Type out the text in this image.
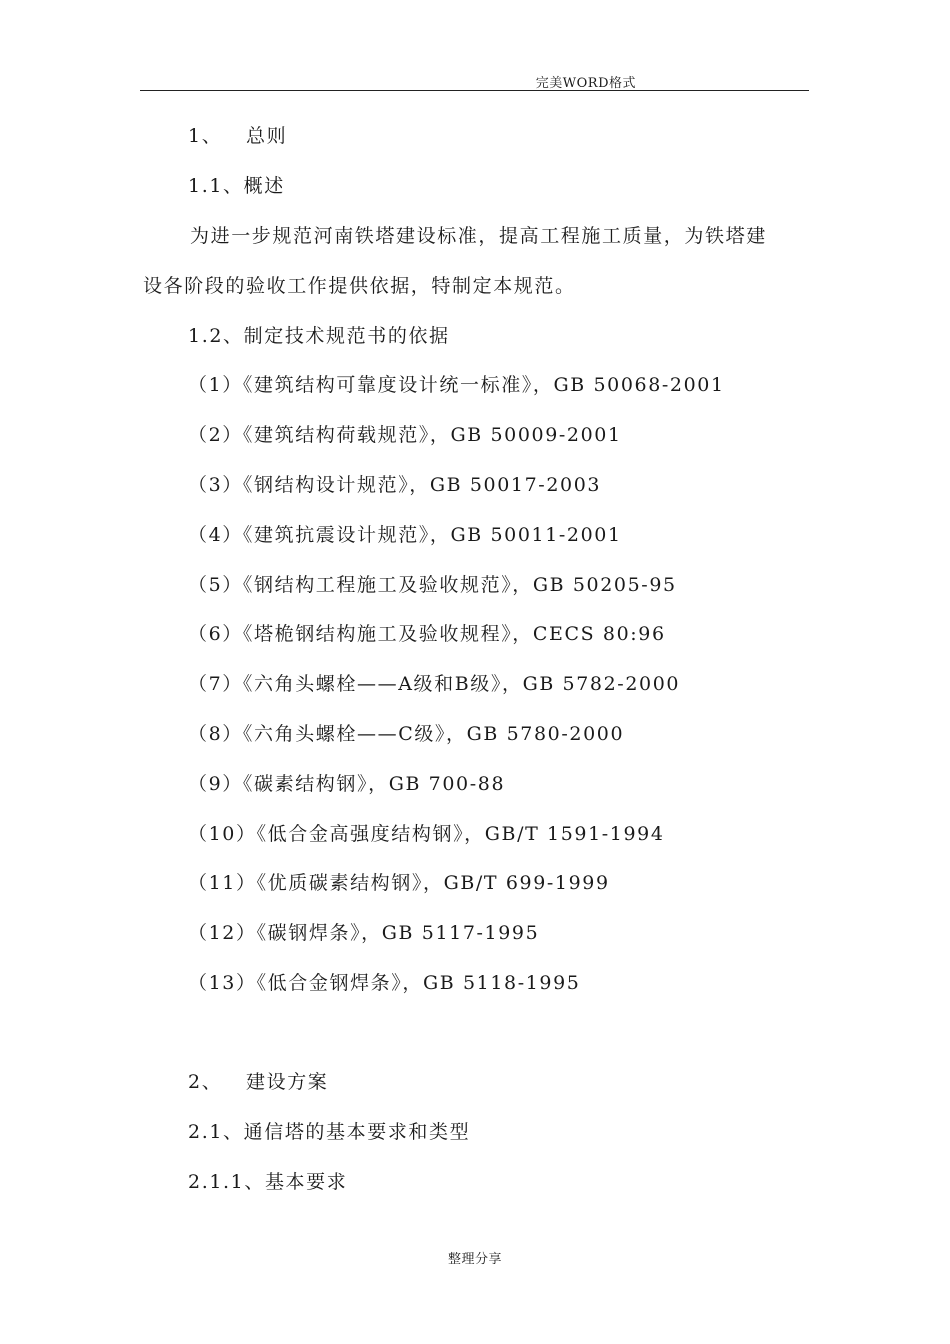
完美WORD格式
1、 总则
1.1、概述
为进一步规范河南铁塔建设标准，提高工程施工质量，为铁塔建
设各阶段的验收工作提供依据，特制定本规范。
1.2、制定技术规范书的依据
（1）《建筑结构可靠度设计统一标准》，GB 50068-2001
（2）《建筑结构荷载规范》，GB 50009-2001
（3）《钢结构设计规范》，GB 50017-2003
（4）《建筑抗震设计规范》，GB 50011-2001
（5）《钢结构工程施工及验收规范》，GB 50205-95
（6）《塔桅钢结构施工及验收规程》，CECS 80:96
（7）《六角头螺栓——A级和B级》，GB 5782-2000
（8）《六角头螺栓——C级》，GB 5780-2000
（9）《碳素结构钢》，GB 700-88
（10）《低合金高强度结构钢》，GB/T 1591-1994
（11）《优质碳素结构钢》，GB/T 699-1999
（12）《碳钢焊条》，GB 5117-1995
（13）《低合金钢焊条》，GB 5118-1995
2、 建设方案
2.1、通信塔的基本要求和类型
2.1.1、基本要求
整理分享
